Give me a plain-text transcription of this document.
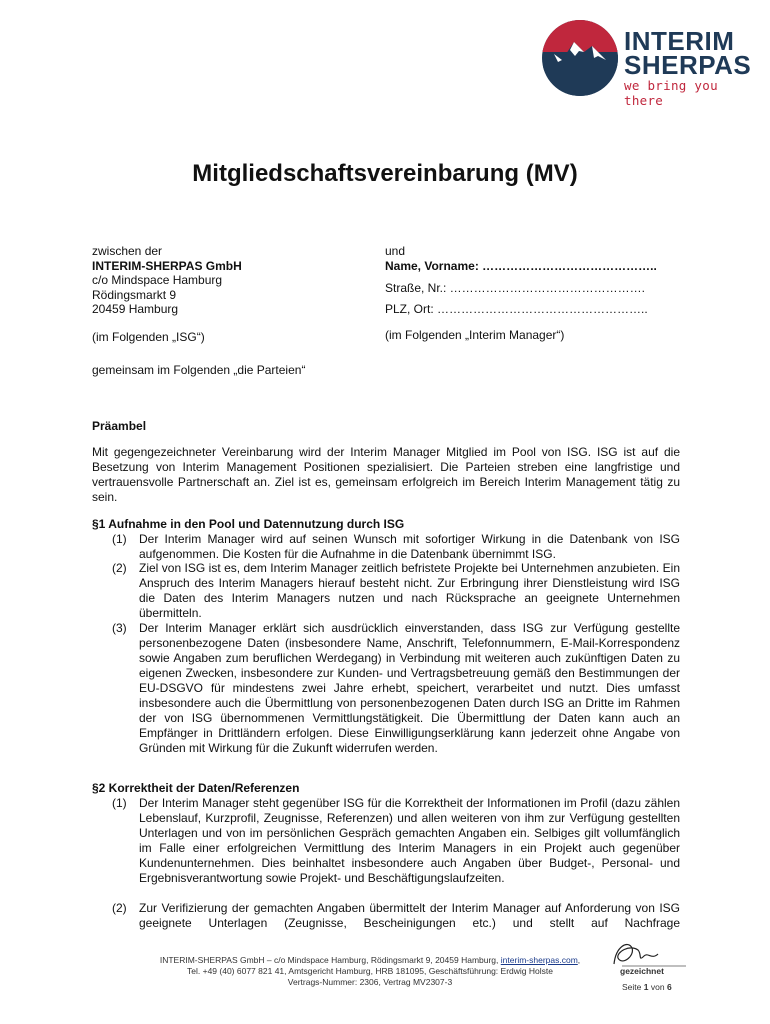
INTERIM
SHERPAS
we bring you there
Mitgliedschaftsvereinbarung (MV)
zwischen der
INTERIM-SHERPAS GmbH
c/o Mindspace Hamburg
Rödingsmarkt 9
20459 Hamburg
(im Folgenden „ISG“)
und
Name, Vorname: ……………………………………..
Straße, Nr.: ………………………………………….
PLZ, Ort: ……………………………………………..
(im Folgenden „Interim Manager“)
gemeinsam im Folgenden „die Parteien“
Präambel
Mit gegengezeichneter Vereinbarung wird der Interim Manager Mitglied im Pool von ISG. ISG ist auf die Besetzung von Interim Management Positionen spezialisiert. Die Parteien streben eine langfristige und vertrauensvolle Partnerschaft an. Ziel ist es, gemeinsam erfolgreich im Bereich Interim Management tätig zu sein.
§1 Aufnahme in den Pool und Datennutzung durch ISG
(1) Der Interim Manager wird auf seinen Wunsch mit sofortiger Wirkung in die Datenbank von ISG aufgenommen. Die Kosten für die Aufnahme in die Datenbank übernimmt ISG.
(2) Ziel von ISG ist es, dem Interim Manager zeitlich befristete Projekte bei Unternehmen anzubieten. Ein Anspruch des Interim Managers hierauf besteht nicht. Zur Erbringung ihrer Dienstleistung wird ISG die Daten des Interim Managers nutzen und nach Rücksprache an geeignete Unternehmen übermitteln.
(3) Der Interim Manager erklärt sich ausdrücklich einverstanden, dass ISG zur Verfügung gestellte personenbezogene Daten (insbesondere Name, Anschrift, Telefonnummern, E-Mail-Korrespondenz sowie Angaben zum beruflichen Werdegang) in Verbindung mit weiteren auch zukünftigen Daten zu eigenen Zwecken, insbesondere zur Kunden- und Vertragsbetreuung gemäß den Bestimmungen der EU-DSGVO für mindestens zwei Jahre erhebt, speichert, verarbeitet und nutzt. Dies umfasst insbesondere auch die Übermittlung von personenbezogenen Daten durch ISG an Dritte im Rahmen der von ISG übernommenen Vermittlungstätigkeit. Die Übermittlung der Daten kann auch an Empfänger in Drittländern erfolgen. Diese Einwilligungserklärung kann jederzeit ohne Angabe von Gründen mit Wirkung für die Zukunft widerrufen werden.
§2 Korrektheit der Daten/Referenzen
(1) Der Interim Manager steht gegenüber ISG für die Korrektheit der Informationen im Profil (dazu zählen Lebenslauf, Kurzprofil, Zeugnisse, Referenzen) und allen weiteren von ihm zur Verfügung gestellten Unterlagen und von im persönlichen Gespräch gemachten Angaben ein. Selbiges gilt vollumfänglich im Falle einer erfolgreichen Vermittlung des Interim Managers in ein Projekt auch gegenüber Kundenunternehmen. Dies beinhaltet insbesondere auch Angaben über Budget-, Personal- und Ergebnisverantwortung sowie Projekt- und Beschäftigungslaufzeiten.
(2) Zur Verifizierung der gemachten Angaben übermittelt der Interim Manager auf Anforderung von ISG geeignete Unterlagen (Zeugnisse, Bescheinigungen etc.) und stellt auf Nachfrage
INTERIM-SHERPAS GmbH – c/o Mindspace Hamburg, Rödingsmarkt 9, 20459 Hamburg, interim-sherpas.com,
Tel. +49 (40) 6077 821 41, Amtsgericht Hamburg, HRB 181095, Geschäftsführung: Erdwig Holste
Vertrags-Nummer: 2306, Vertrag MV2307-3
gezeichnet
Seite 1 von 6
